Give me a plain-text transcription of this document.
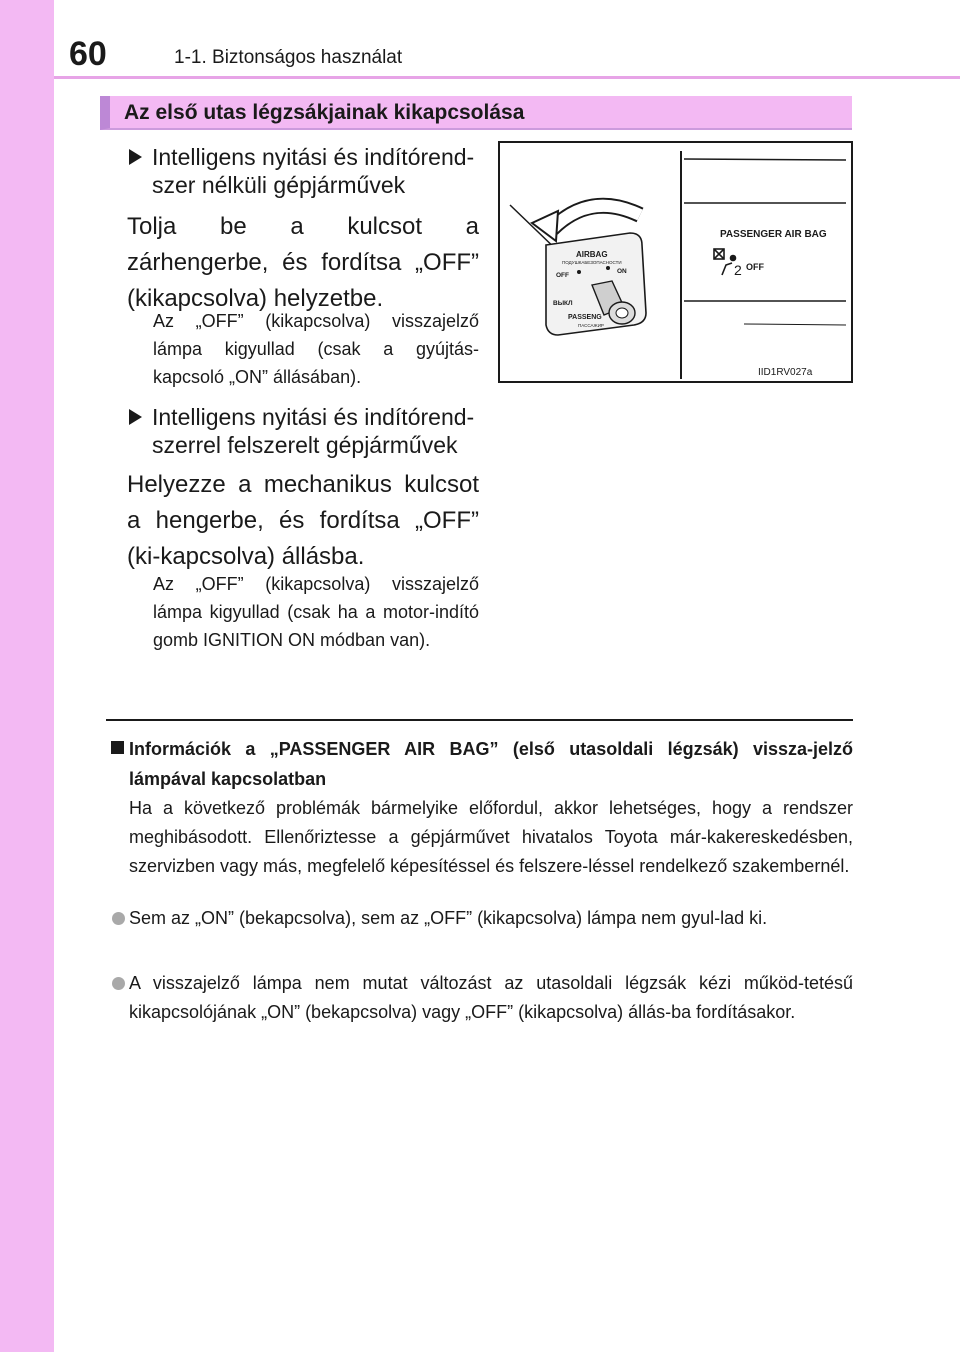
60	1-1. Biztonságos használat
Az első utas légzsákjainak kikapcsolása
Intelligens nyitási és indítórend-
szer nélküli gépjárművek
Tolja be a kulcsot a zárhengerbe, és fordítsa „OFF” (kikapcsolva) helyzetbe.
Az „OFF” (kikapcsolva) visszajelző lámpa kigyullad (csak a gyújtás-kapcsoló „ON” állásában).
Intelligens nyitási és indítórend-
szerrel felszerelt gépjárművek
Helyezze a mechanikus kulcsot a hengerbe, és fordítsa „OFF” (ki-kapcsolva) állásba.
Az „OFF” (kikapcsolva) visszajelző lámpa kigyullad (csak ha a motor-indító gomb IGNITION ON módban van).
PASSENGER AIR BAG
2 OFF
AIRBAG
ПОДУШКАБЕЗОПАСНОСТИ
OFF
ON
ВЫКЛ
PASSENG
ПАССАЖИР
IID1RV027a
Információk a „PASSENGER AIR BAG” (első utasoldali légzsák) vissza-jelző lámpával kapcsolatban
Ha a következő problémák bármelyike előfordul, akkor lehetséges, hogy a rendszer meghibásodott. Ellenőriztesse a gépjárművet hivatalos Toyota már-kakereskedésben, szervizben vagy más, megfelelő képesítéssel és felszere-léssel rendelkező szakembernél.
Sem az „ON” (bekapcsolva), sem az „OFF” (kikapcsolva) lámpa nem gyul-lad ki.
A visszajelző lámpa nem mutat változást az utasoldali légzsák kézi működ-tetésű kikapcsolójának „ON” (bekapcsolva) vagy „OFF” (kikapcsolva) állás-ba fordításakor.
